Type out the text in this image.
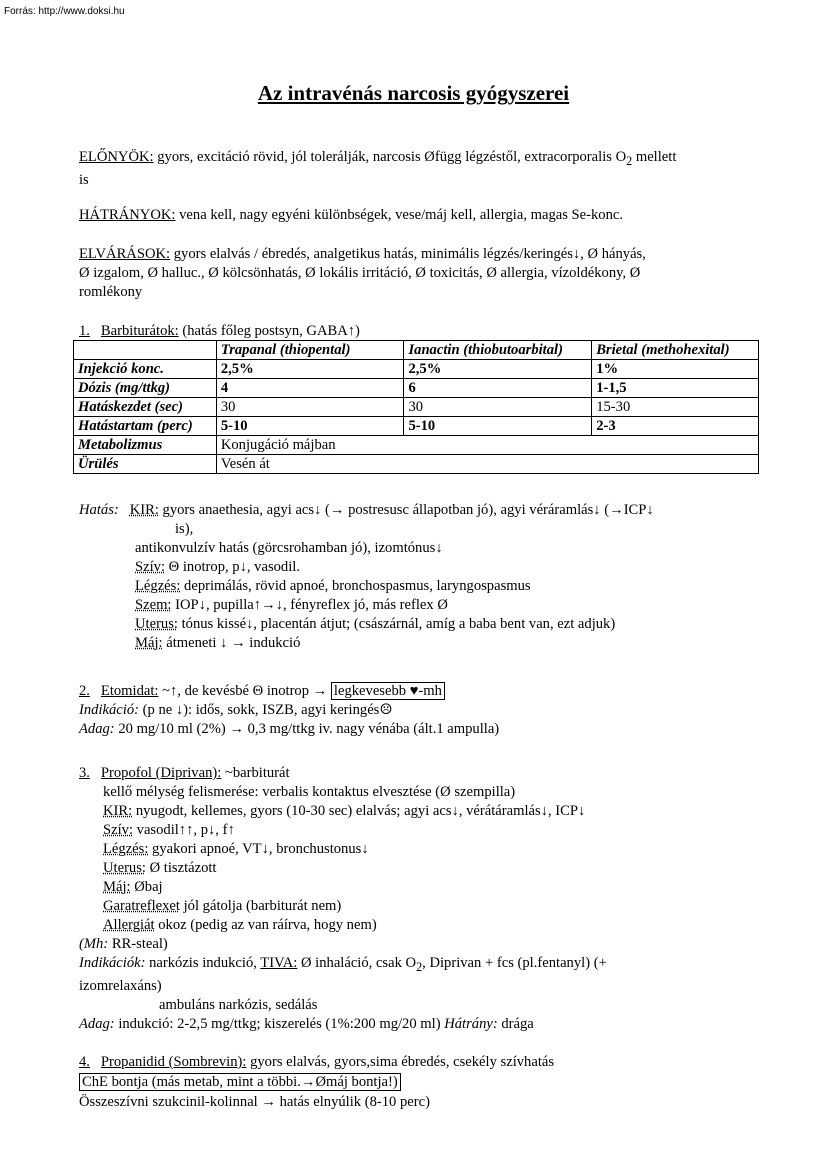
Forrás: http://www.doksi.hu
Az intravénás narcosis gyógyszerei

ELŐNYÖK: gyors, excitáció rövid, jól tolerálják, narcosis Øfügg légzéstől, extracorporalis $O_2$ mellett

is

HÁTRÁNYOK: vena kell, nagy egyéni különbségek, vese/máj kell, allergia, magas Se-konc.

ELVÁRÁSOK: gyors elalvás / ébredés, analgetikus hatás, minimális légzés/keringés↓, Ø hányás,

Ø izgalom, Ø halluc., Ø kölcsönhatás, Ø lokális irritáció, Ø toxicitás, Ø allergia, vízoldékony, Ø

romlékony

1. Barbiturátok: (hatás főleg postsyn, GABA↑)
	Trapanal (thiopental)	Ianactin (thiobutoarbital)	Brietal (methohexital)
Injekció konc.	2,5%	2,5%	1%
Dózis (mg/ttkg)	4	6	1-1,5
Hatáskezdet (sec)	30	30	15-30
Hatástartam (perc)	5-10	5-10	2-3
Metabolizmus	Konjugáció májban		
Ürülés	Vesén át		

Hatás: KIR: gyors anaethesia, agyi acs↓ (→ postresusc állapotban jó), agyi véráramlás↓ (→ICP↓

is),

antikonvulzív hatás (görcsrohamban jó), izomtónus↓

Szív: Θ inotrop, p↓, vasodil.

Légzés: deprimálás, rövid apnoé, bronchospasmus, laryngospasmus

Szem: IOP↓, pupilla↑→↓, fényreflex jó, más reflex Ø

Uterus: tónus kissé↓, placentán átjut; (császárnál, amíg a baba bent van, ezt adjuk)

Máj: átmeneti ↓ → indukció

2. Etomidat: ~↑, de kevésbé Θ inotrop → legkevesebb ♥-mh

Indikáció: (p ne ↓): idős, sokk, ISZB, agyi keringés☹

Adag: 20 mg/10 ml (2%) → 0,3 mg/ttkg iv. nagy vénába (ált.1 ampulla)

3. Propofol (Diprivan): ~barbiturát

kellő mélység felismerése: verbalis kontaktus elvesztése (Ø szempilla)

KIR: nyugodt, kellemes, gyors (10-30 sec) elalvás; agyi acs↓, vérátáramlás↓, ICP↓

Szív: vasodil↑↑, p↓, f↑

Légzés: gyakori apnoé, VT↓, bronchustonus↓

Uterus: Ø tisztázott

Máj: Øbaj

Garatreflexet jól gátolja (barbiturát nem)

Allergiát okoz (pedig az van ráírva, hogy nem)

(Mh: RR-steal)

Indikációk: narkózis indukció, TIVA: Ø inhaláció, csak $O_2$, Diprivan + fcs (pl.fentanyl) (+

izomrelaxáns)

ambuláns narkózis, sedálás

Adag: indukció: 2-2,5 mg/ttkg; kiszerelés (1%:200 mg/20 ml) Hátrány: drága

4. Propanidid (Sombrevin): gyors elalvás, gyors,sima ébredés, csekély szívhatás

ChE bontja (más metab, mint a többi.→Ømáj bontja!)

Összeszívni szukcinil-kolinnal → hatás elnyúlik (8-10 perc)
